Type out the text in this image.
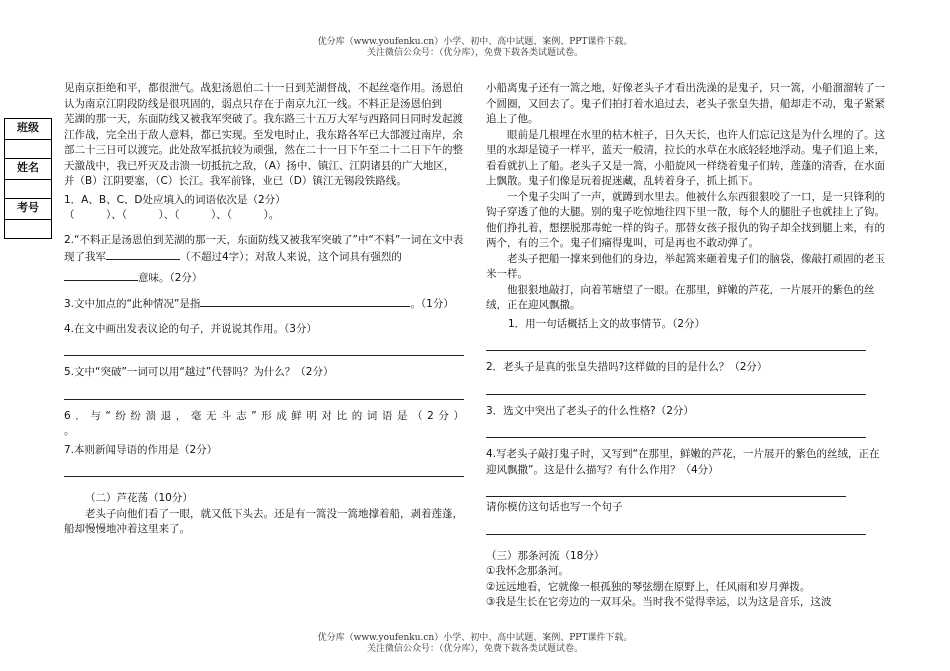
优分库（www.youfenku.cn）小学、初中、高中试题、案例、PPT课件下载。
关注微信公众号：（优分库），免费下载各类试题试卷。
班级

姓名

考号

见南京拒绝和平，都很泄气。战犯汤恩伯二十一日到芜湖督战，不起丝毫作用。汤恩伯认为南京江阴段防线是很巩固的，弱点只存在于南京九江一线。不料正是汤恩伯到

芜湖的那一天，东面防线又被我军突破了。我东路三十五万大军与西路同日同时发起渡江作战，完全出于敌人意料，都已实现。至发电时止，我东路各军已大部渡过南岸，余部二十三日可以渡完。此处敌军抵抗较为顽强，然在二十一日下午至二十二日下午的整天激战中，我已歼灭及击溃一切抵抗之敌，（A）扬中、镇江、江阴诸县的广大地区，并（B）江阴要塞，（C）长江。我军前锋，业已（D）镇江无锡段铁路线。

1．A、B、C、D处应填入的词语依次是（2分）

（　　　）、（　　　）、（　　　）、（　　　）。

2.“不料正是汤恩伯到芜湖的那一天，东面防线又被我军突破了”中“不料”一词在文中表现了我军	（不超过4字）；对敌人来说，这个词具有强烈的

意味。（2分）

3.文中加点的“此种情况”是指	。（1分）

4.在文中画出发表议论的句子，并说说其作用。（3分）

5.文中“突破”一词可以用“越过”代替吗？为什么？（2分）

6．与“纷纷溃退，毫无斗志”形成鲜明对比的词语是（2分）

。

7.本则新闻导语的作用是（2分）

（二）芦花荡（10分）

老头子向他们看了一眼，就又低下头去。还是有一篙没一篙地撑着船，剥着莲蓬，船却慢慢地冲着这里来了。

小船离鬼子还有一篙之地，好像老头子才看出洗澡的是鬼子，只一篙，小船溜溜转了一个圆圈，又回去了。鬼子们拍打着水追过去，老头子张皇失措，船却走不动，鬼子紧紧追上了他。

眼前是几根埋在水里的枯木桩子，日久天长，也许人们忘记这是为什么埋的了。这里的水却是镜子一样平，蓝天一般清，拉长的水草在水底轻轻地浮动。鬼子们追上来，看看就扒上了船。老头子又是一篙，小船旋风一样绕着鬼子们转，莲蓬的清香，在水面上飘散。鬼子们像是玩着捉迷藏，乱转着身子，抓上抓下。

一个鬼子尖叫了一声，就蹲到水里去。他被什么东西狠狠咬了一口，是一只锋利的钩子穿透了他的大腿。别的鬼子吃惊地往四下里一散，每个人的腿肚子也就挂上了钩。他们挣扎着，想摆脱那毒蛇一样的钩子。那替女孩子报仇的钩子却全找到腿上来，有的两个，有的三个。鬼子们痛得鬼叫，可是再也不敢动弹了。

老头子把船一撑来到他们的身边，举起篙来砸着鬼子们的脑袋，像敲打顽固的老玉米一样。

他狠狠地敲打，向着苇塘望了一眼。在那里，鲜嫩的芦花，一片展开的紫色的丝绒，正在迎风飘撒。

1．用一句话概括上文的故事情节。（2分）

2．老头子是真的张皇失措吗?这样做的目的是什么？（2分）

3．选文中突出了老头子的什么性格?（2分）

4.写老头子敲打鬼子时，又写到“在那里，鲜嫩的芦花，一片展开的紫色的丝绒，正在迎风飘撒”。这是什么描写？有什么作用？（4分）

请你模仿这句话也写一个句子

（三）那条河流（18分）

①我怀念那条河。

②远远地看，它就像一根孤独的琴弦绷在原野上，任风雨和岁月弹拨。

③我是生长在它旁边的一双耳朵。当时我不觉得幸运，以为这是音乐，这波

优分库（www.youfenku.cn）小学、初中、高中试题、案例、PPT课件下载。
关注微信公众号：（优分库），免费下载各类试题试卷。
